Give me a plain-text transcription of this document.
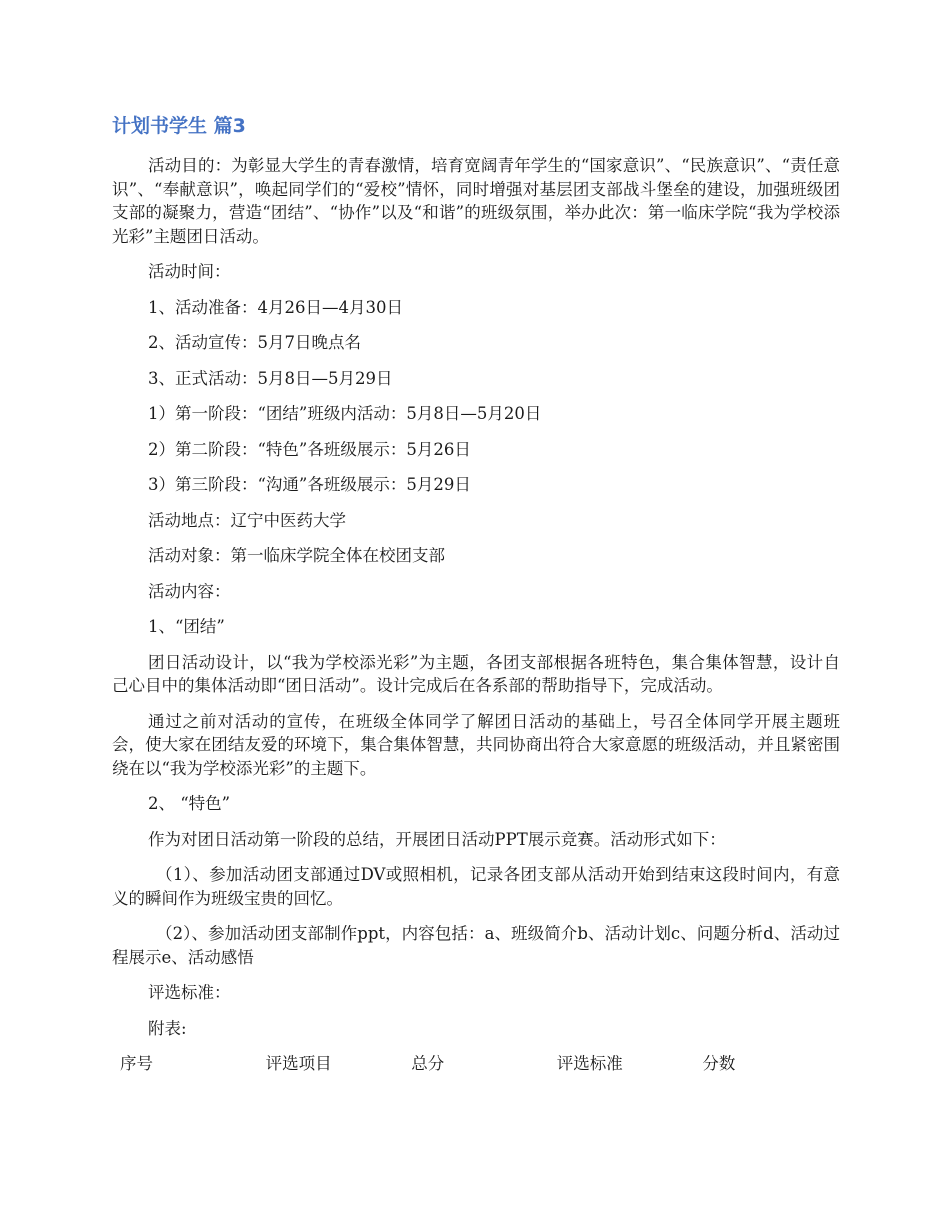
计划书学生 篇3

活动目的：为彰显大学生的青春激情，培育宽阔青年学生的“国家意识”、“民族意识”、“责任意识”、“奉献意识”，唤起同学们的“爱校”情怀，同时增强对基层团支部战斗堡垒的建设，加强班级团支部的凝聚力，营造“团结”、“协作”以及“和谐”的班级氛围，举办此次：第一临床学院“我为学校添光彩”主题团日活动。

活动时间：

1、活动准备：4月26日—4月30日

2、活动宣传：5月7日晚点名

3、正式活动：5月8日—5月29日

1）第一阶段：“团结”班级内活动：5月8日—5月20日

2）第二阶段：“特色”各班级展示：5月26日

3）第三阶段：“沟通”各班级展示：5月29日

活动地点：辽宁中医药大学

活动对象：第一临床学院全体在校团支部

活动内容：

1、“团结”

团日活动设计，以“我为学校添光彩”为主题，各团支部根据各班特色，集合集体智慧，设计自己心目中的集体活动即“团日活动”。设计完成后在各系部的帮助指导下，完成活动。

通过之前对活动的宣传，在班级全体同学了解团日活动的基础上，号召全体同学开展主题班会，使大家在团结友爱的环境下，集合集体智慧，共同协商出符合大家意愿的班级活动，并且紧密围绕在以“我为学校添光彩”的主题下。

2、 “特色”

作为对团日活动第一阶段的总结，开展团日活动PPT展示竞赛。活动形式如下：

（1）、参加活动团支部通过DV或照相机，记录各团支部从活动开始到结束这段时间内，有意义的瞬间作为班级宝贵的回忆。

（2）、参加活动团支部制作ppt，内容包括：a、班级简介b、活动计划c、问题分析d、活动过程展示e、活动感悟

评选标准：

附表:

序号	评选项目	总分	评选标准	分数
